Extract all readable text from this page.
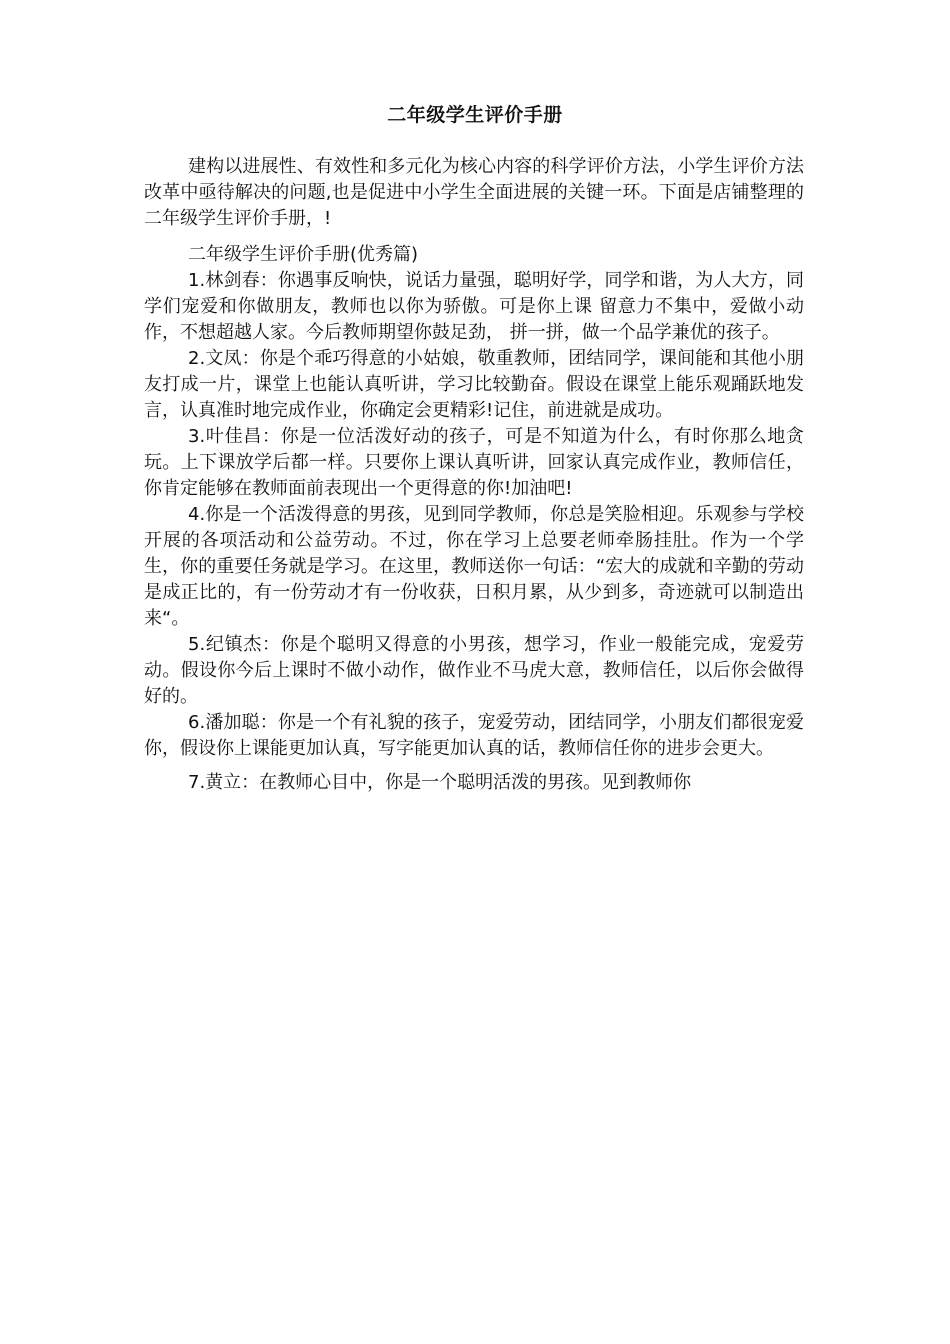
二年级学生评价手册

建构以进展性、有效性和多元化为核心内容的科学评价方法，小学生评价方法改革中亟待解决的问题,也是促进中小学生全面进展的关键一环。下面是店铺整理的二年级学生评价手册，!

二年级学生评价手册(优秀篇)

1.林剑春：你遇事反响快，说话力量强，聪明好学，同学和谐，为人大方，同学们宠爱和你做朋友，教师也以你为骄傲。可是你上课 留意力不集中，爱做小动作，不想超越人家。今后教师期望你鼓足劲， 拼一拼，做一个品学兼优的孩子。

2.文凤：你是个乖巧得意的小姑娘，敬重教师，团结同学，课间能和其他小朋友打成一片，课堂上也能认真听讲，学习比较勤奋。假设在课堂上能乐观踊跃地发言，认真准时地完成作业，你确定会更精彩!记住，前进就是成功。

3.叶佳昌：你是一位活泼好动的孩子，可是不知道为什么，有时你那么地贪玩。上下课放学后都一样。只要你上课认真听讲，回家认真完成作业，教师信任，你肯定能够在教师面前表现出一个更得意的你!加油吧!

4.你是一个活泼得意的男孩，见到同学教师，你总是笑脸相迎。乐观参与学校开展的各项活动和公益劳动。不过，你在学习上总要老师牵肠挂肚。作为一个学生，你的重要任务就是学习。在这里，教师送你一句话：“宏大的成就和辛勤的劳动是成正比的，有一份劳动才有一份收获，日积月累，从少到多，奇迹就可以制造出来“。

5.纪镇杰：你是个聪明又得意的小男孩，想学习，作业一般能完成，宠爱劳动。假设你今后上课时不做小动作，做作业不马虎大意，教师信任，以后你会做得好的。

6.潘加聪：你是一个有礼貌的孩子，宠爱劳动，团结同学，小朋友们都很宠爱你，假设你上课能更加认真，写字能更加认真的话，教师信任你的进步会更大。

7.黄立：在教师心目中，你是一个聪明活泼的男孩。见到教师你
